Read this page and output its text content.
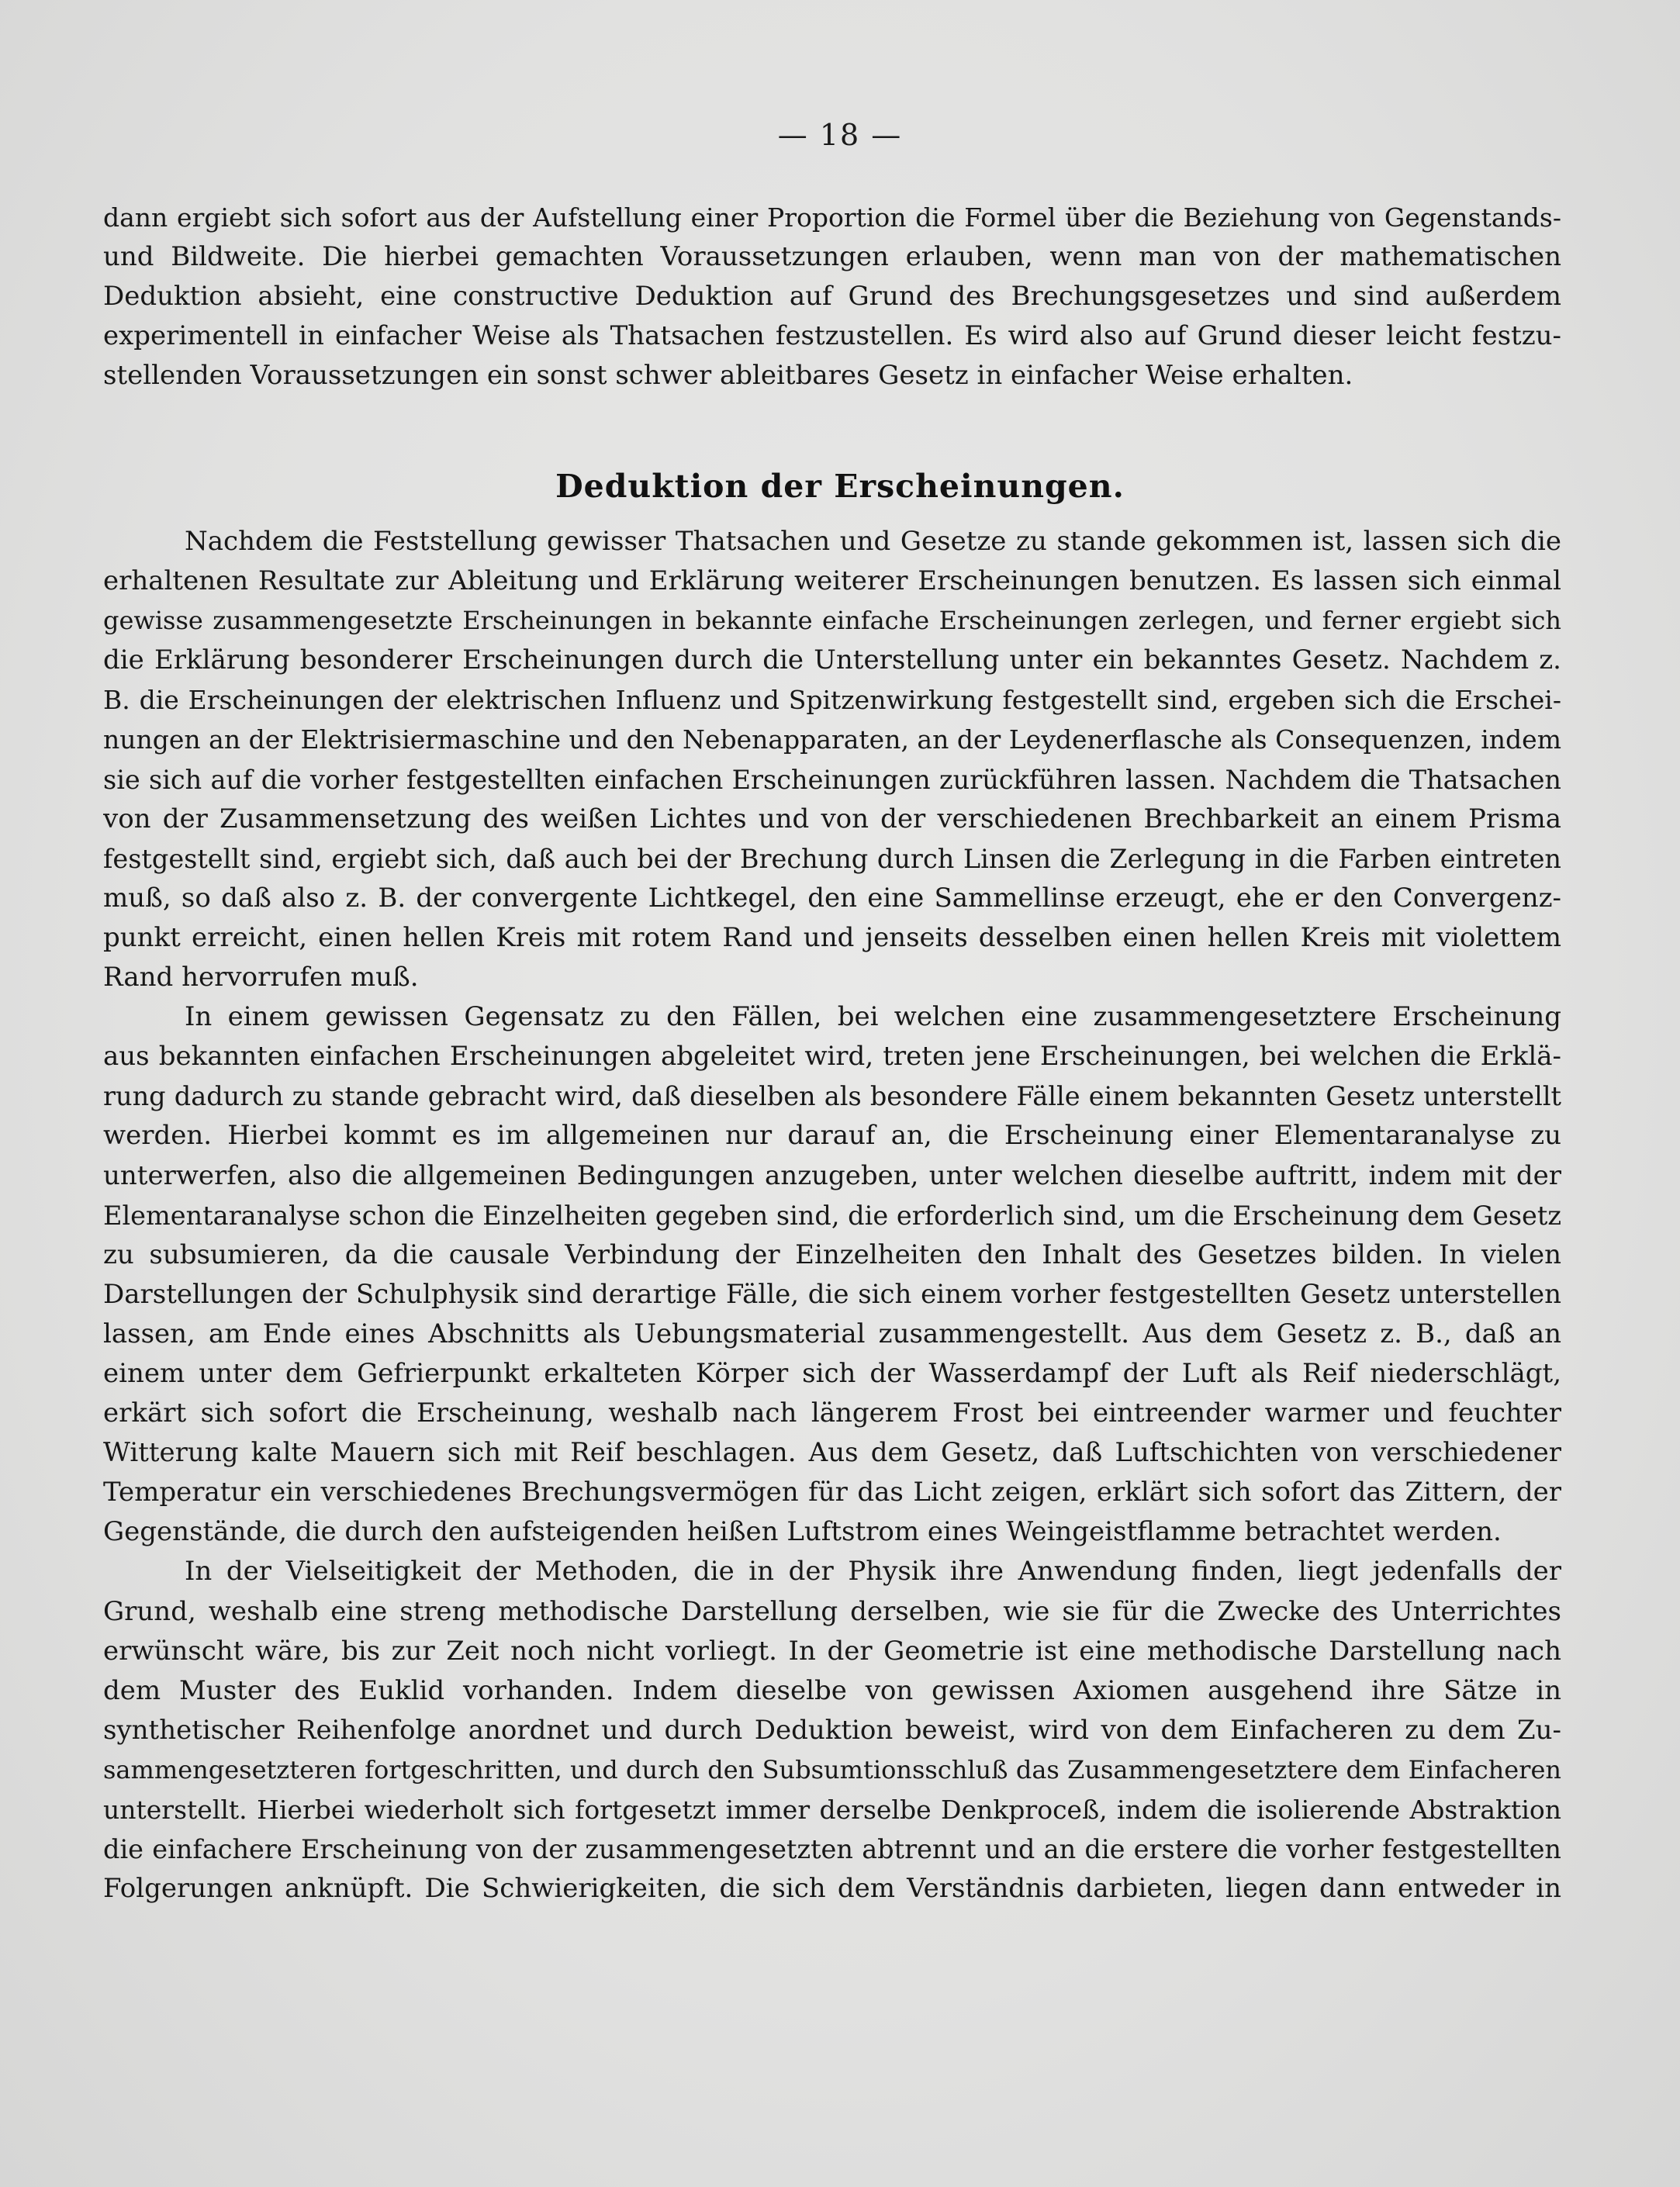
— 18 —
dann ergiebt sich sofort aus der Aufstellung einer Proportion die Formel über die Beziehung von Gegenstands-
und Bildweite. Die hierbei gemachten Voraussetzungen erlauben, wenn man von der mathematischen
Deduktion absieht, eine constructive Deduktion auf Grund des Brechungsgesetzes und sind außerdem
experimentell in einfacher Weise als Thatsachen festzustellen. Es wird also auf Grund dieser leicht festzu-
stellenden Voraussetzungen ein sonst schwer ableitbares Gesetz in einfacher Weise erhalten.
Deduktion der Erscheinungen.
Nachdem die Feststellung gewisser Thatsachen und Gesetze zu stande gekommen ist, lassen sich die
erhaltenen Resultate zur Ableitung und Erklärung weiterer Erscheinungen benutzen. Es lassen sich einmal
gewisse zusammengesetzte Erscheinungen in bekannte einfache Erscheinungen zerlegen, und ferner ergiebt sich
die Erklärung besonderer Erscheinungen durch die Unterstellung unter ein bekanntes Gesetz. Nachdem z.
B. die Erscheinungen der elektrischen Influenz und Spitzenwirkung festgestellt sind, ergeben sich die Erschei-
nungen an der Elektrisiermaschine und den Nebenapparaten, an der Leydenerflasche als Consequenzen, indem
sie sich auf die vorher festgestellten einfachen Erscheinungen zurückführen lassen. Nachdem die Thatsachen
von der Zusammensetzung des weißen Lichtes und von der verschiedenen Brechbarkeit an einem Prisma
festgestellt sind, ergiebt sich, daß auch bei der Brechung durch Linsen die Zerlegung in die Farben eintreten
muß, so daß also z. B. der convergente Lichtkegel, den eine Sammellinse erzeugt, ehe er den Convergenz-
punkt erreicht, einen hellen Kreis mit rotem Rand und jenseits desselben einen hellen Kreis mit violettem
Rand hervorrufen muß.
In einem gewissen Gegensatz zu den Fällen, bei welchen eine zusammengesetztere Erscheinung
aus bekannten einfachen Erscheinungen abgeleitet wird, treten jene Erscheinungen, bei welchen die Erklä-
rung dadurch zu stande gebracht wird, daß dieselben als besondere Fälle einem bekannten Gesetz unterstellt
werden. Hierbei kommt es im allgemeinen nur darauf an, die Erscheinung einer Elementaranalyse zu
unterwerfen, also die allgemeinen Bedingungen anzugeben, unter welchen dieselbe auftritt, indem mit der
Elementaranalyse schon die Einzelheiten gegeben sind, die erforderlich sind, um die Erscheinung dem Gesetz
zu subsumieren, da die causale Verbindung der Einzelheiten den Inhalt des Gesetzes bilden. In vielen
Darstellungen der Schulphysik sind derartige Fälle, die sich einem vorher festgestellten Gesetz unterstellen
lassen, am Ende eines Abschnitts als Uebungsmaterial zusammengestellt. Aus dem Gesetz z. B., daß an
einem unter dem Gefrierpunkt erkalteten Körper sich der Wasserdampf der Luft als Reif niederschlägt,
erkärt sich sofort die Erscheinung, weshalb nach längerem Frost bei eintreender warmer und feuchter
Witterung kalte Mauern sich mit Reif beschlagen. Aus dem Gesetz, daß Luftschichten von verschiedener
Temperatur ein verschiedenes Brechungsvermögen für das Licht zeigen, erklärt sich sofort das Zittern, der
Gegenstände, die durch den aufsteigenden heißen Luftstrom eines Weingeistflamme betrachtet werden.
In der Vielseitigkeit der Methoden, die in der Physik ihre Anwendung finden, liegt jedenfalls der
Grund, weshalb eine streng methodische Darstellung derselben, wie sie für die Zwecke des Unterrichtes
erwünscht wäre, bis zur Zeit noch nicht vorliegt. In der Geometrie ist eine methodische Darstellung nach
dem Muster des Euklid vorhanden. Indem dieselbe von gewissen Axiomen ausgehend ihre Sätze in
synthetischer Reihenfolge anordnet und durch Deduktion beweist, wird von dem Einfacheren zu dem Zu-
sammengesetzteren fortgeschritten, und durch den Subsumtionsschluß das Zusammengesetztere dem Einfacheren
unterstellt. Hierbei wiederholt sich fortgesetzt immer derselbe Denkproceß, indem die isolierende Abstraktion
die einfachere Erscheinung von der zusammengesetzten abtrennt und an die erstere die vorher festgestellten
Folgerungen anknüpft. Die Schwierigkeiten, die sich dem Verständnis darbieten, liegen dann entweder in
